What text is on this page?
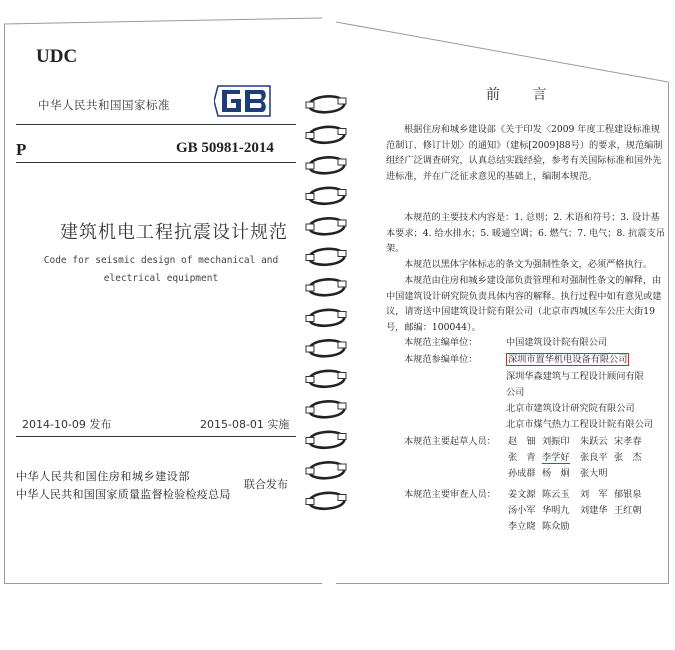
UDC
中华人民共和国国家标准
P	GB 50981-2014
建筑机电工程抗震设计规范
Code for seismic design of mechanical and electrical equipment
2014-10-09 发布	2015-08-01 实施
中华人民共和国住房和城乡建设部
中华人民共和国国家质量监督检验检疫总局
联合发布
前 言
根据住房和城乡建设部《关于印发〈2009 年度工程建设标准规范制订、修订计划〉的通知》（建标[2009]88号）的要求，规范编制组经广泛调查研究，认真总结实践经验，参考有关国际标准和国外先进标准，并在广泛征求意见的基础上，编制本规范。
本规范的主要技术内容是：1. 总则；2. 术语和符号；3. 设计基本要求；4. 给水排水；5. 暖通空调；6. 燃气；7. 电气；8. 抗震支吊架。
本规范以黑体字体标志的条文为强制性条文，必须严格执行。
本规范由住房和城乡建设部负责管理和对强制性条文的解释，由中国建筑设计研究院负责具体内容的解释。执行过程中如有意见或建议，请寄送中国建筑设计院有限公司（北京市西城区车公庄大街19号，邮编：100044）。
本规范主编单位：	中国建筑设计院有限公司
本规范参编单位：	深圳市置华机电设备有限公司
深圳华森建筑与工程设计顾问有限
公司
北京市建筑设计研究院有限公司
北京市煤气热力工程设计院有限公司
本规范主要起草人员： 赵　钿 刘振印 朱跃云 宋孝春
张　青 李学好 张良平 张　杰
孙成群 杨　炯 张大明
本规范主要审查人员： 姜文源 陈云玉 刘　军 郁银泉
汤小军 华明九 刘建华 王红朝
李立晓 陈众励
